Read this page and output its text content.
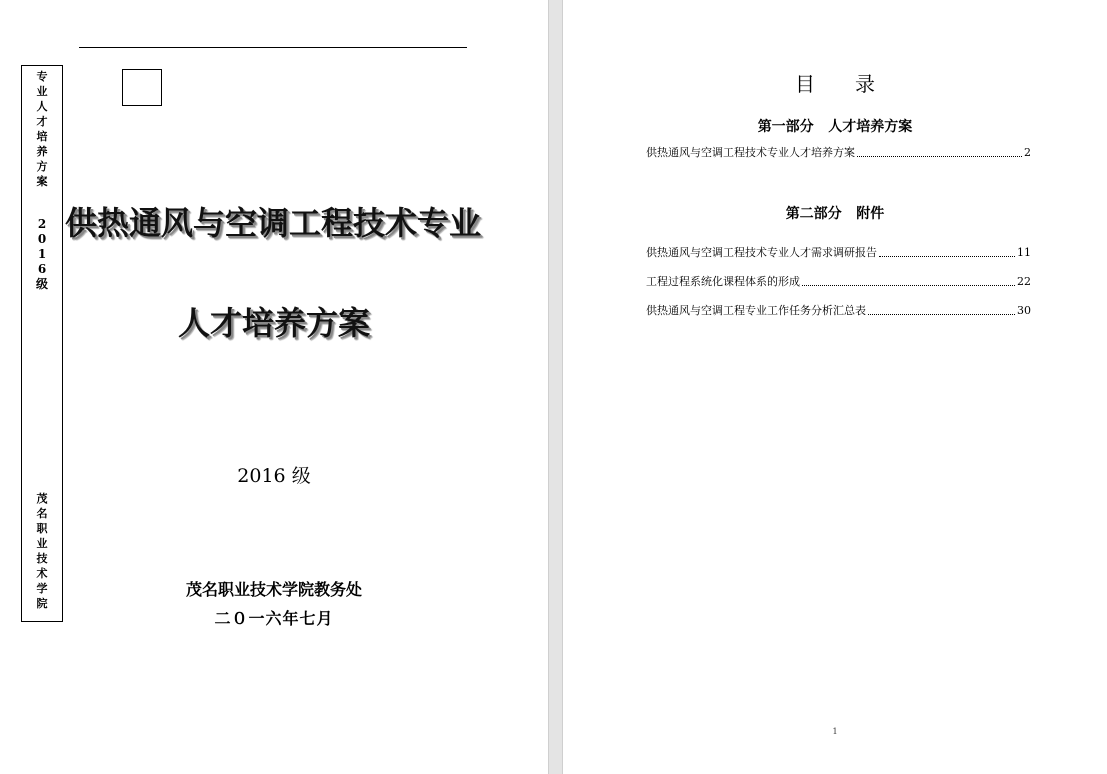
专
业
人
才
培
养
方
案
2
0
1
6
级
茂
名
职
业
技
术
学
院
供热通风与空调工程技术专业
人才培养方案
2016 级
茂名职业技术学院教务处
二０一六年七月
目 录
第一部分   人才培养方案
供热通风与空调工程技术专业人才培养方案	2
第二部分   附件
供热通风与空调工程技术专业人才需求调研报告	11
工程过程系统化课程体系的形成	22
供热通风与空调工程专业工作任务分析汇总表	30
1
